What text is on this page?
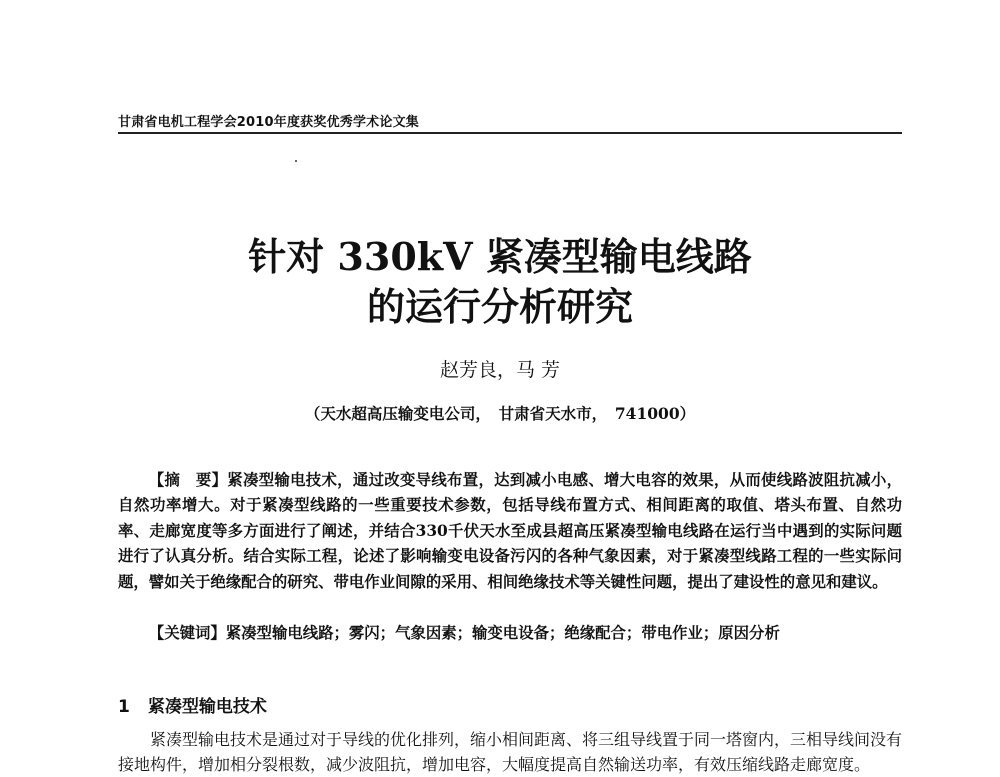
甘肃省电机工程学会2010年度获奖优秀学术论文集
针对 330kV 紧凑型输电线路
的运行分析研究
赵芳良，马 芳
（天水超高压输变电公司，　甘肃省天水市，　741000）
【摘　要】紧凑型输电技术，通过改变导线布置，达到减小电感、增大电容的效果，从而使线路波阻抗减小，自然功率增大。对于紧凑型线路的一些重要技术参数，包括导线布置方式、相间距离的取值、塔头布置、自然功率、走廊宽度等多方面进行了阐述，并结合330千伏天水至成县超高压紧凑型输电线路在运行当中遇到的实际问题进行了认真分析。结合实际工程，论述了影响输变电设备污闪的各种气象因素，对于紧凑型线路工程的一些实际问题，譬如关于绝缘配合的研究、带电作业间隙的采用、相间绝缘技术等关键性问题，提出了建设性的意见和建议。
【关键词】紧凑型输电线路；雾闪；气象因素；输变电设备；绝缘配合；带电作业；原因分析
1 紧凑型输电技术
紧凑型输电技术是通过对于导线的优化排列，缩小相间距离、将三组导线置于同一塔窗内，三相导线间没有接地构件，增加相分裂根数，减少波阻抗，增加电容，大幅度提高自然输送功率，有效压缩线路走廊宽度。
